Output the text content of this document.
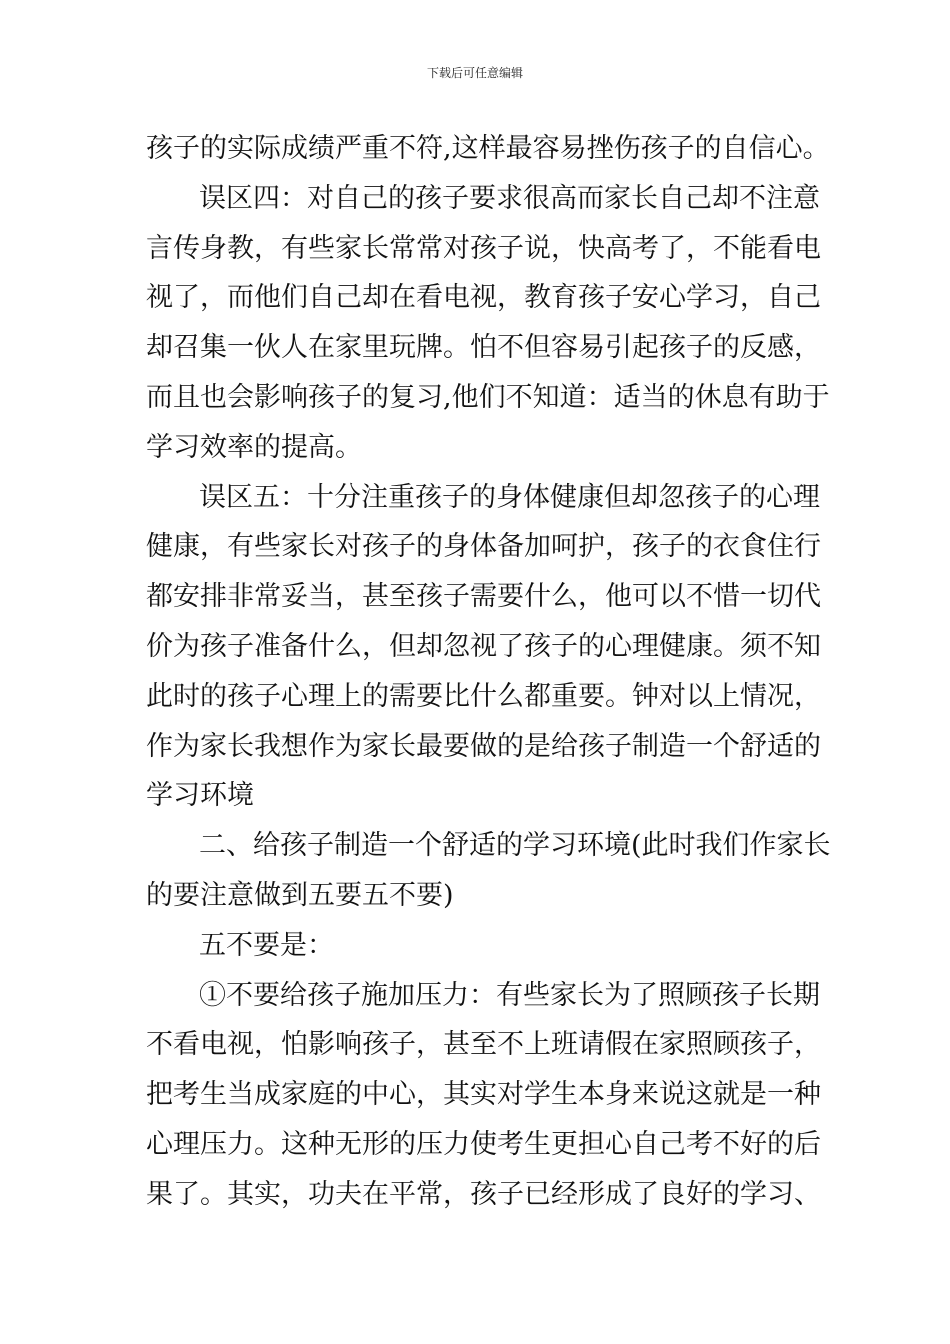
下载后可任意编辑
孩子的实际成绩严重不符,这样最容易挫伤孩子的自信心。
误区四：对自己的孩子要求很高而家长自己却不注意
言传身教，有些家长常常对孩子说，快高考了，不能看电
视了，而他们自己却在看电视，教育孩子安心学习，自己
却召集一伙人在家里玩牌。怕不但容易引起孩子的反感，
而且也会影响孩子的复习,他们不知道：适当的休息有助于
学习效率的提高。
误区五：十分注重孩子的身体健康但却忽孩子的心理
健康，有些家长对孩子的身体备加呵护，孩子的衣食住行
都安排非常妥当，甚至孩子需要什么，他可以不惜一切代
价为孩子准备什么，但却忽视了孩子的心理健康。须不知
此时的孩子心理上的需要比什么都重要。钟对以上情况，
作为家长我想作为家长最要做的是给孩子制造一个舒适的
学习环境
二、给孩子制造一个舒适的学习环境(此时我们作家长
的要注意做到五要五不要)
五不要是：
①不要给孩子施加压力：有些家长为了照顾孩子长期
不看电视，怕影响孩子，甚至不上班请假在家照顾孩子，
把考生当成家庭的中心，其实对学生本身来说这就是一种
心理压力。这种无形的压力使考生更担心自己考不好的后
果了。其实，功夫在平常，孩子已经形成了良好的学习、
